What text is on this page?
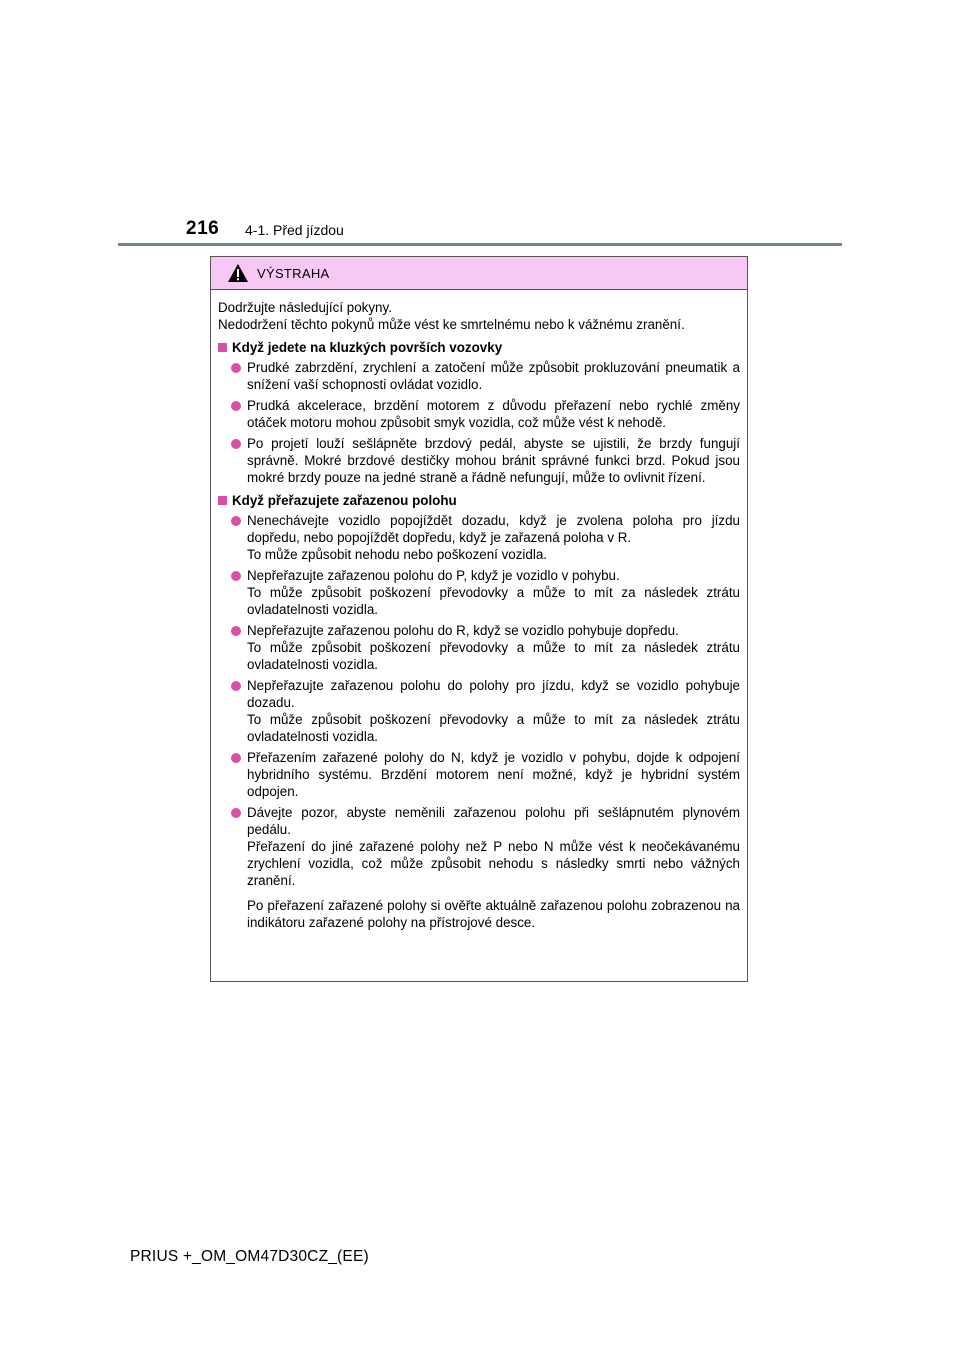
216 4-1. Před jízdou
VÝSTRAHA

Dodržujte následující pokyny.

Nedodržení těchto pokynů může vést ke smrtelnému nebo k vážnému zranění.

Když jedete na kluzkých površích vozovky

Prudké zabrzdění, zrychlení a zatočení může způsobit prokluzování pneumatik a snížení vaší schopnosti ovládat vozidlo.

Prudká akcelerace, brzdění motorem z důvodu přeřazení nebo rychlé změny otáček motoru mohou způsobit smyk vozidla, což může vést k nehodě.

Po projetí louží sešlápněte brzdový pedál, abyste se ujistili, že brzdy fungují správně. Mokré brzdové destičky mohou bránit správné funkci brzd. Pokud jsou mokré brzdy pouze na jedné straně a řádně nefungují, může to ovlivnit řízení.

Když přeřazujete zařazenou polohu

Nenechávejte vozidlo popojíždět dozadu, když je zvolena poloha pro jízdu dopředu, nebo popojíždět dopředu, když je zařazená poloha v R.

To může způsobit nehodu nebo poškození vozidla.

Nepřeřazujte zařazenou polohu do P, když je vozidlo v pohybu.

To může způsobit poškození převodovky a může to mít za následek ztrátu ovladatelnosti vozidla.

Nepřeřazujte zařazenou polohu do R, když se vozidlo pohybuje dopředu.

To může způsobit poškození převodovky a může to mít za následek ztrátu ovladatelnosti vozidla.

Nepřeřazujte zařazenou polohu do polohy pro jízdu, když se vozidlo pohybuje dozadu.

To může způsobit poškození převodovky a může to mít za následek ztrátu ovladatelnosti vozidla.

Přeřazením zařazené polohy do N, když je vozidlo v pohybu, dojde k odpojení hybridního systému. Brzdění motorem není možné, když je hybridní systém odpojen.

Dávejte pozor, abyste neměnili zařazenou polohu při sešlápnutém plynovém pedálu.

Přeřazení do jiné zařazené polohy než P nebo N může vést k neočekávanému zrychlení vozidla, což může způsobit nehodu s následky smrti nebo vážných zranění.

Po přeřazení zařazené polohy si ověřte aktuálně zařazenou polohu zobrazenou na indikátoru zařazené polohy na přístrojové desce.
PRIUS +_OM_OM47D30CZ_(EE)
